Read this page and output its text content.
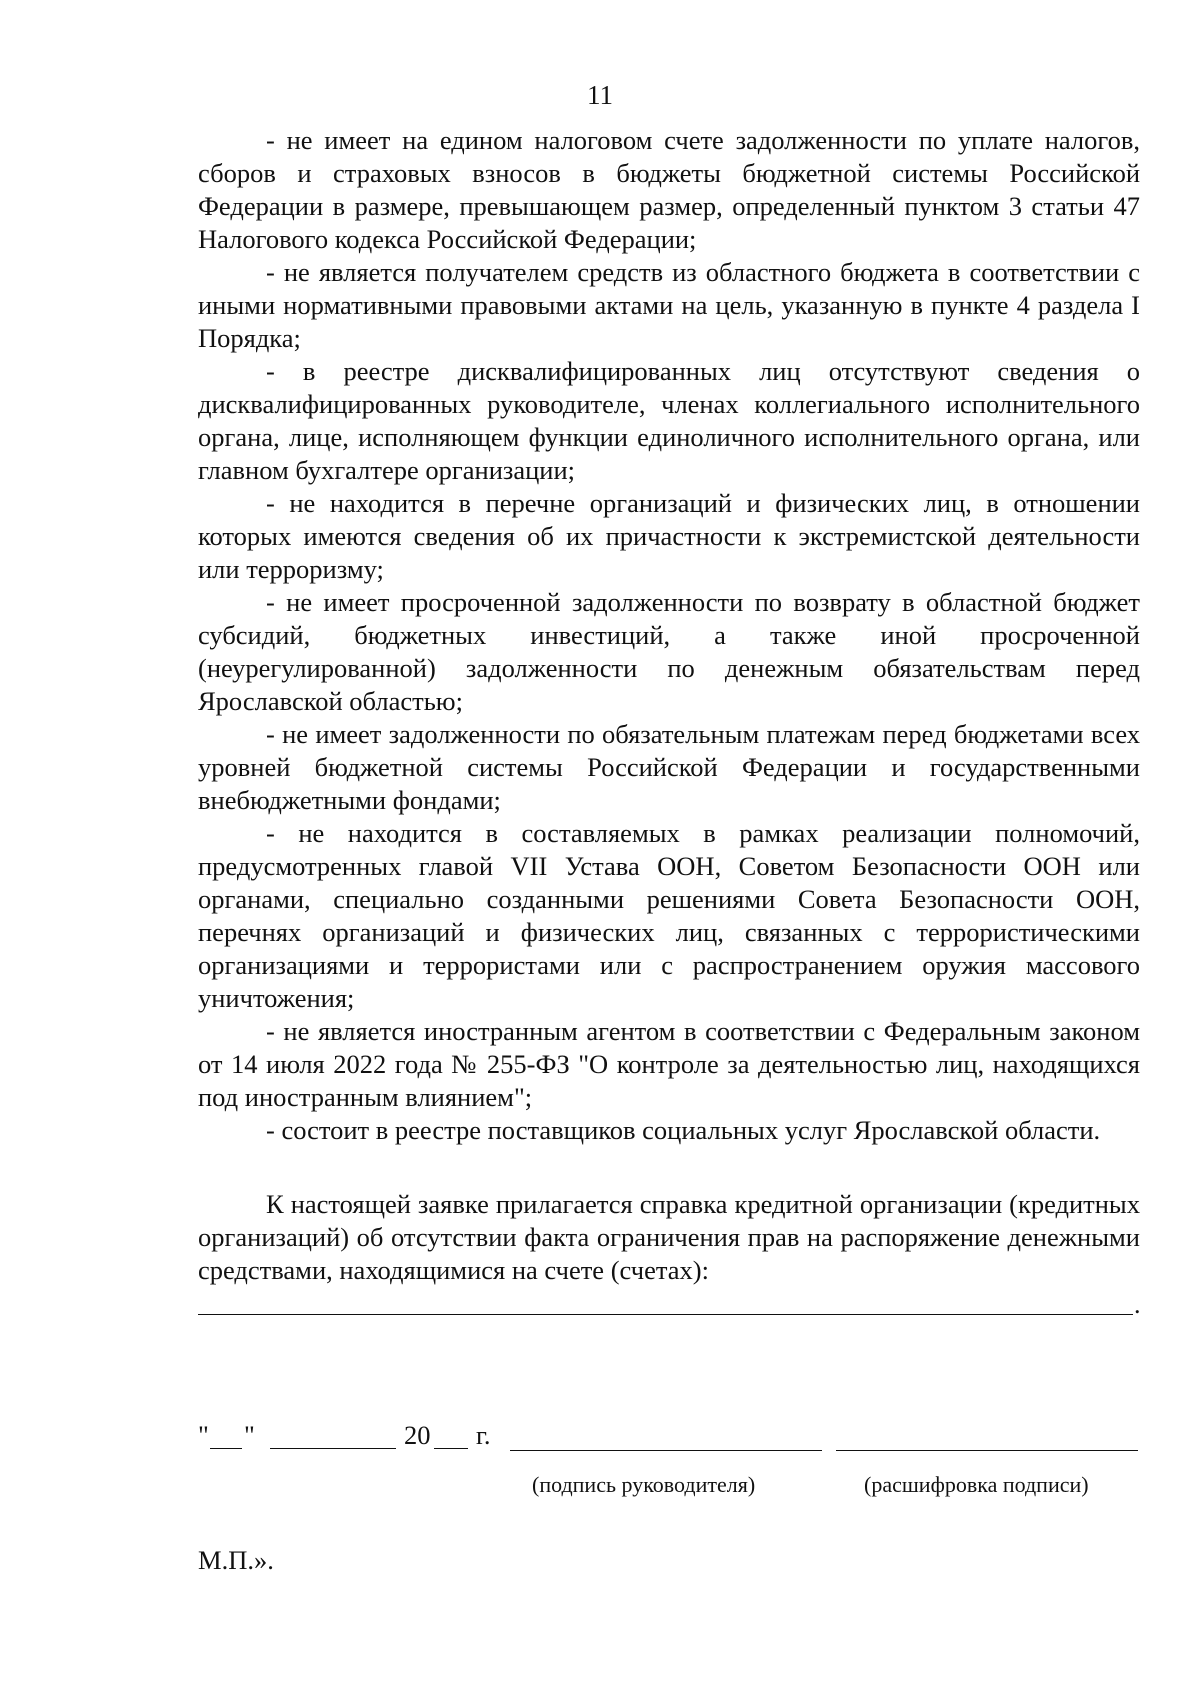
11

- не имеет на едином налоговом счете задолженности по уплате налогов, сборов и страховых взносов в бюджеты бюджетной системы Российской Федерации в размере, превышающем размер, определенный пунктом 3 статьи 47 Налогового кодекса Российской Федерации;

- не является получателем средств из областного бюджета в соответствии с иными нормативными правовыми актами на цель, указанную в пункте 4 раздела I Порядка;

- в реестре дисквалифицированных лиц отсутствуют сведения о дисквалифицированных руководителе, членах коллегиального исполнительного органа, лице, исполняющем функции единоличного исполнительного органа, или главном бухгалтере организации;

- не находится в перечне организаций и физических лиц, в отношении которых имеются сведения об их причастности к экстремистской деятельности или терроризму;

- не имеет просроченной задолженности по возврату в областной бюджет субсидий, бюджетных инвестиций, а также иной просроченной (неурегулированной) задолженности по денежным обязательствам перед Ярославской областью;

- не имеет задолженности по обязательным платежам перед бюджетами всех уровней бюджетной системы Российской Федерации и государственными внебюджетными фондами;

- не находится в составляемых в рамках реализации полномочий, предусмотренных главой VII Устава ООН, Советом Безопасности ООН или органами, специально созданными решениями Совета Безопасности ООН, перечнях организаций и физических лиц, связанных с террористическими организациями и террористами или с распространением оружия массового уничтожения;

- не является иностранным агентом в соответствии с Федеральным законом от 14 июля 2022 года № 255-ФЗ "О контроле за деятельностью лиц, находящихся под иностранным влиянием";

- состоит в реестре поставщиков социальных услуг Ярославской области.

К настоящей заявке прилагается справка кредитной организации (кредитных организаций) об отсутствии факта ограничения прав на распоряжение денежными средствами, находящимися на счете (счетах):

.
" "	20 г.
(подпись руководителя)	(расшифровка подписи)
М.П.».
